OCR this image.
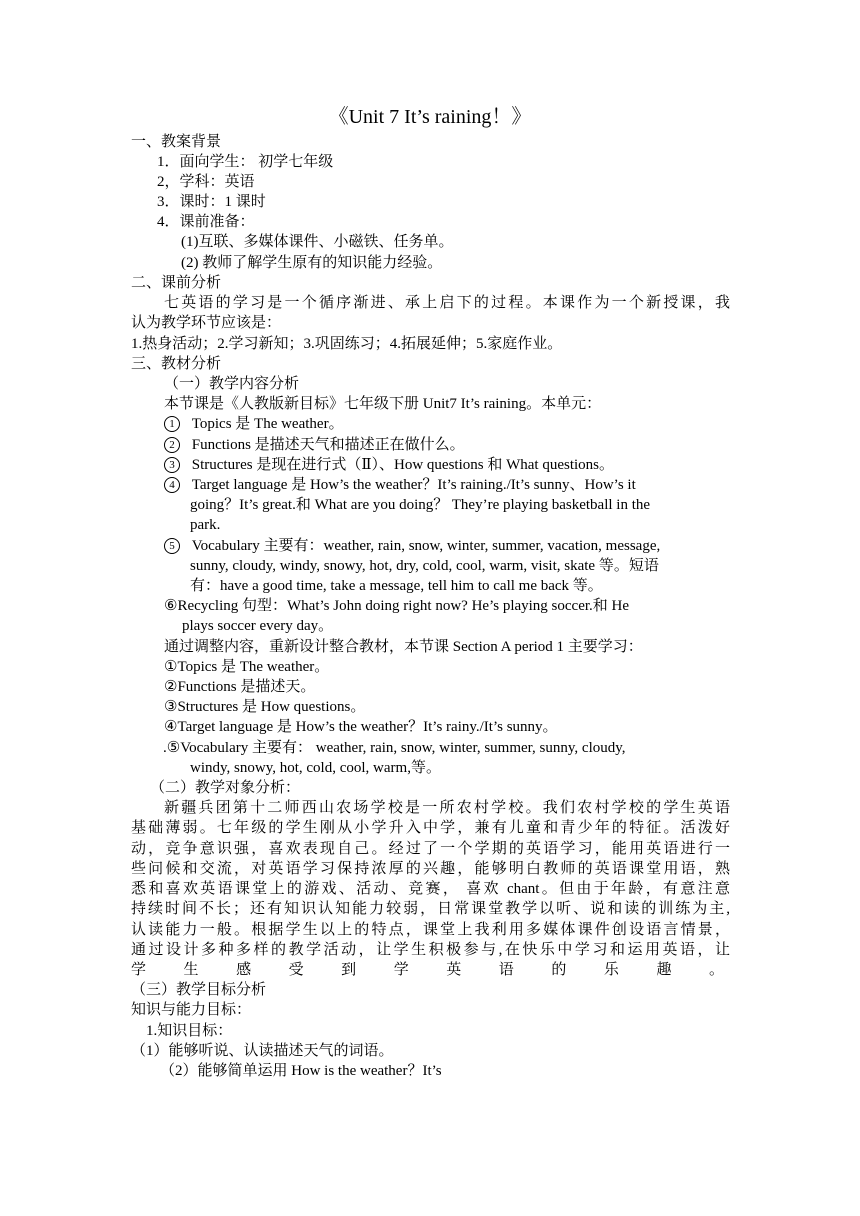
《Unit 7 It’s raining！》
一、教案背景
1．面向学生： 初学七年级
2，学科：英语
3．课时：1 课时
4．课前准备：
(1)互联、多媒体课件、小磁铁、任务单。
(2) 教师了解学生原有的知识能力经验。
二、课前分析
七英语的学习是一个循序渐进、承上启下的过程。本课作为一个新授课，我
认为教学环节应该是：
1.热身活动；2.学习新知；3.巩固练习；4.拓展延伸；5.家庭作业。
三、教材分析
（一）教学内容分析
本节课是《人教版新目标》七年级下册 Unit7 It’s raining。本单元：
1 Topics 是 The weather。
2 Functions 是描述天气和描述正在做什么。
3 Structures 是现在进行式（Ⅱ）、How questions 和 What questions。
4 Target language 是 How’s the weather？It’s raining./It’s sunny、How’s it
going？It’s great.和 What are you doing？ They’re playing basketball in the
park.
5 Vocabulary 主要有：weather, rain, snow, winter, summer, vacation, message,
sunny, cloudy, windy, snowy, hot, dry, cold, cool, warm, visit, skate 等。短语
有：have a good time, take a message, tell him to call me back 等。
⑥Recycling 句型：What’s John doing right now? He’s playing soccer.和 He
plays soccer every day。
通过调整内容，重新设计整合教材，本节课 Section A period 1 主要学习：
①Topics 是 The weather。
②Functions 是描述天。
③Structures 是 How questions。
④Target language 是 How’s the weather？It’s rainy./It’s sunny。
.⑤Vocabulary 主要有： weather, rain, snow, winter, summer, sunny, cloudy,
windy, snowy, hot, cold, cool, warm,等。
（二）教学对象分析：
新疆兵团第十二师西山农场学校是一所农村学校。我们农村学校的学生英语
基础薄弱。七年级的学生刚从小学升入中学，兼有儿童和青少年的特征。活泼好
动，竞争意识强，喜欢表现自己。经过了一个学期的英语学习，能用英语进行一
些问候和交流，对英语学习保持浓厚的兴趣，能够明白教师的英语课堂用语，熟
悉和喜欢英语课堂上的游戏、活动、竞赛， 喜欢 chant。但由于年龄，有意注意
持续时间不长；还有知识认知能力较弱，日常课堂教学以听、说和读的训练为主,
认读能力一般。根据学生以上的特点，课堂上我利用多媒体课件创设语言情景，
通过设计多种多样的教学活动，让学生积极参与,在快乐中学习和运用英语，让
学生感受到学英语的乐趣。
（三）教学目标分析
知识与能力目标：
1.知识目标：
（1）能够听说、认读描述天气的词语。
（2）能够简单运用 How is the weather？It’s
